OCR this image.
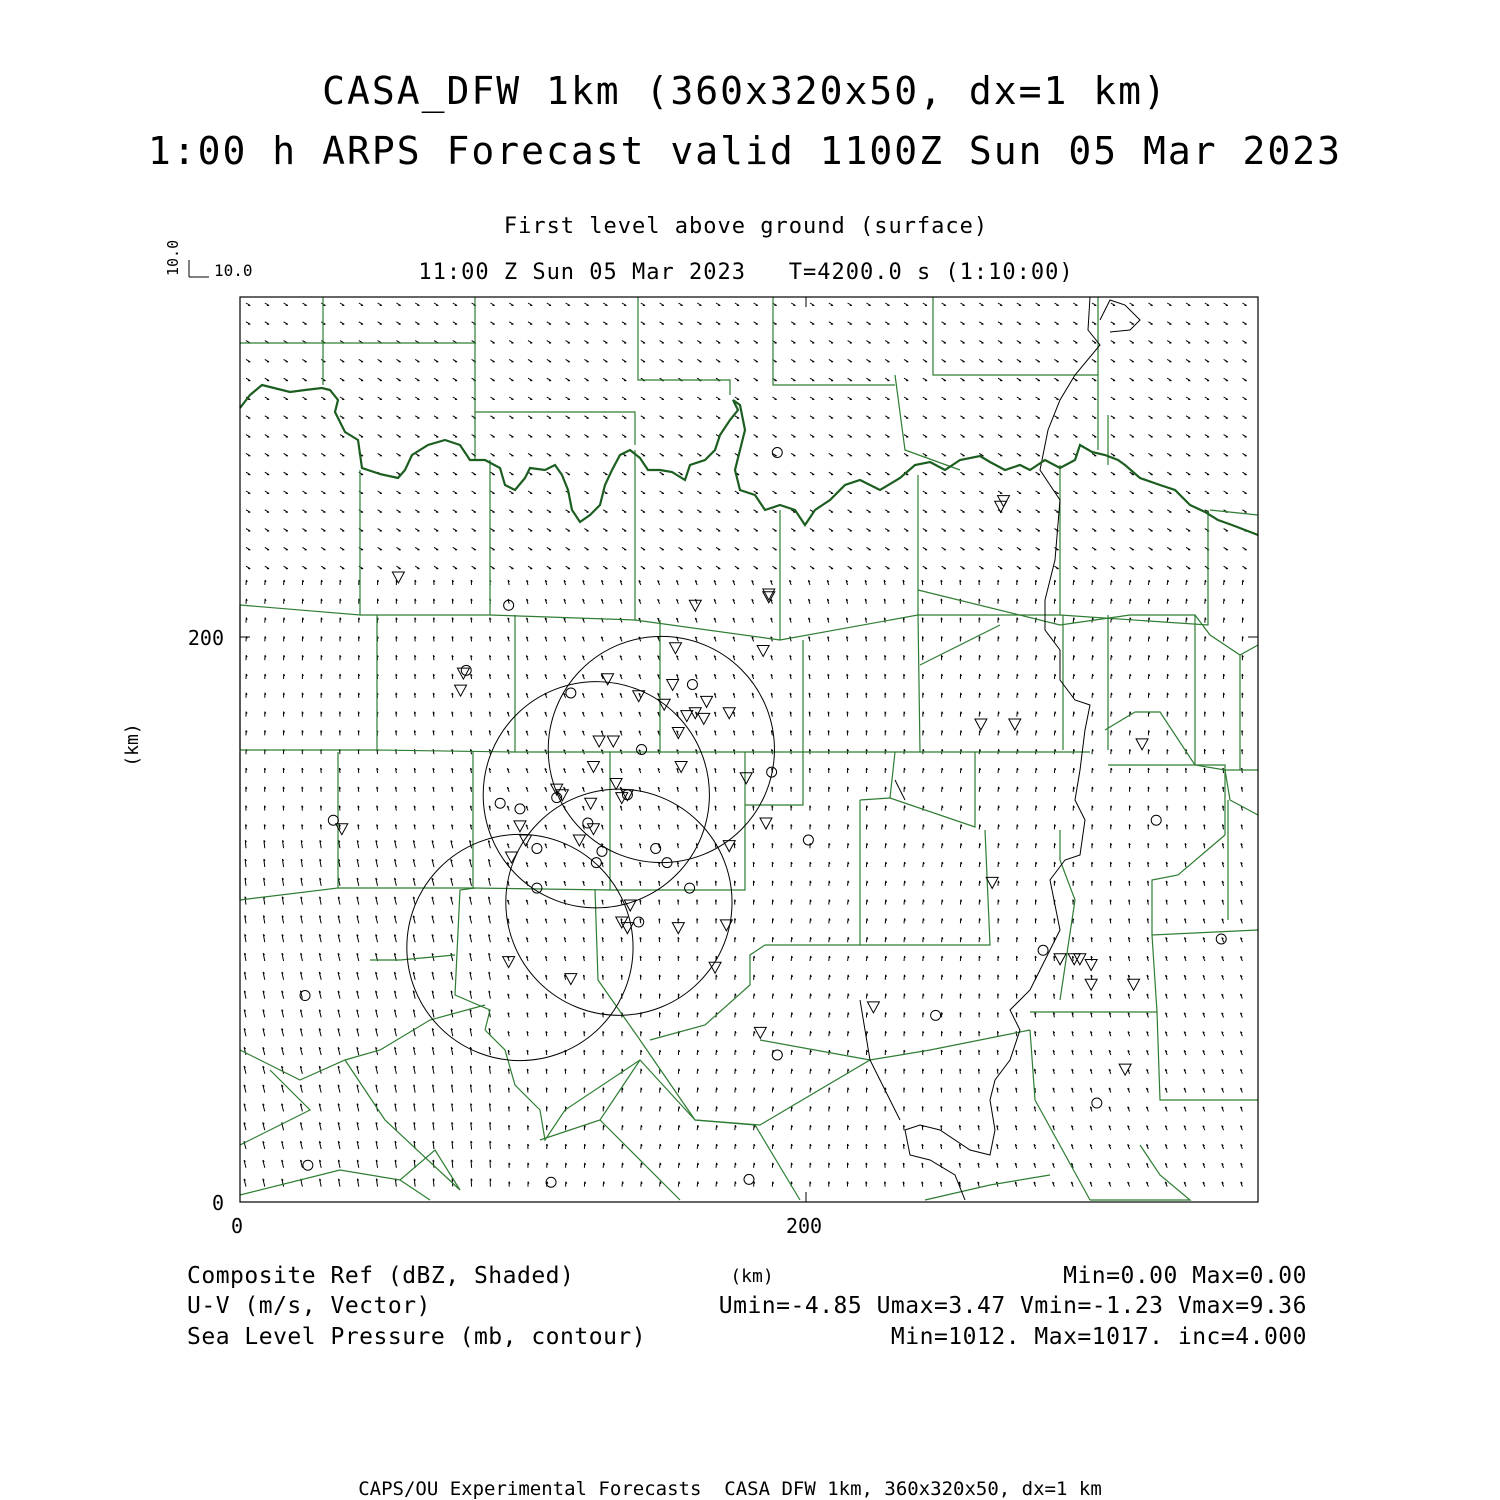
CASA_DFW 1km (360x320x50, dx=1 km)
1:00 h ARPS Forecast valid 1100Z Sun 05 Mar 2023
First level above ground (surface)
11:00 Z Sun 05 Mar 2023   T=4200.0 s (1:10:00)
10.0 10.0
200
0
0	200
(km)
(km)
Composite Ref (dBZ, Shaded)	Min=0.00 Max=0.00
U-V (m/s, Vector)	Umin=-4.85 Umax=3.47 Vmin=-1.23 Vmax=9.36
Sea Level Pressure (mb, contour)	Min=1012. Max=1017. inc=4.000
CAPS/OU Experimental Forecasts  CASA DFW 1km, 360x320x50, dx=1 km
